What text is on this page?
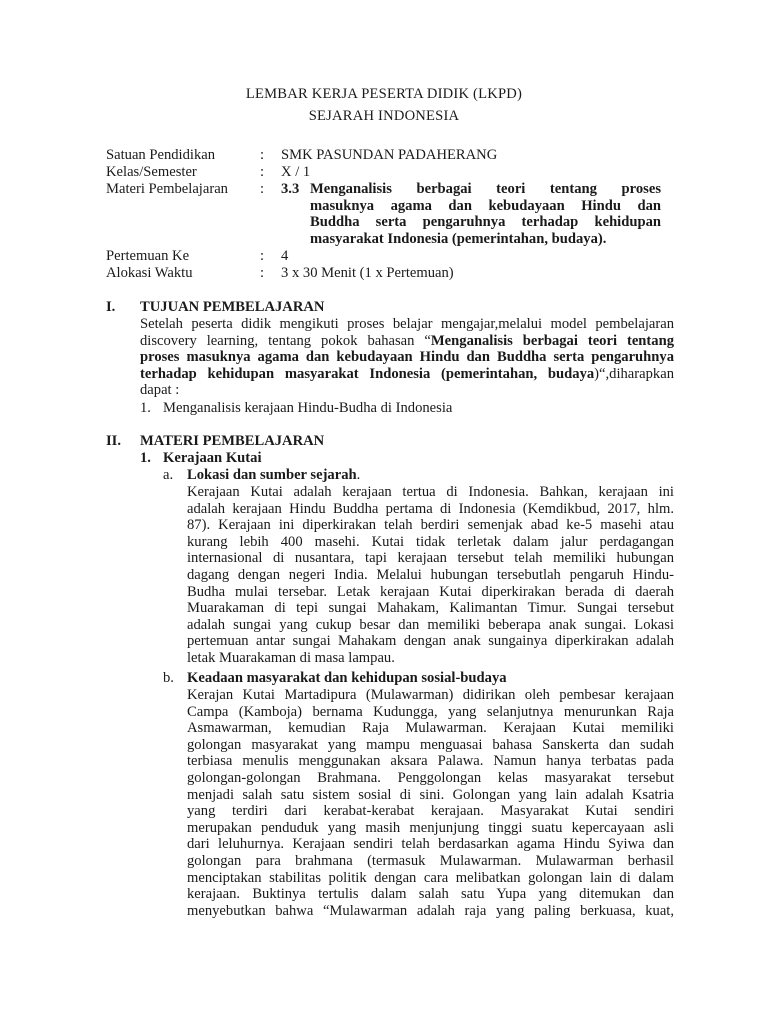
LEMBAR KERJA PESERTA DIDIK (LKPD)
SEJARAH INDONESIA
Satuan Pendidikan	: SMK PASUNDAN PADAHERANG
Kelas/Semester	: X / 1
Materi Pembelajaran : 3.3 Menganalisis berbagai teori tentang proses
masuknya agama dan kebudayaan Hindu dan
Buddha serta pengaruhnya terhadap kehidupan
masyarakat Indonesia (pemerintahan, budaya).
Pertemuan Ke	: 4
Alokasi Waktu	: 3 x 30 Menit (1 x Pertemuan)
I. TUJUAN PEMBELAJARAN
Setelah peserta didik mengikuti proses belajar mengajar,melalui model pembelajaran
discovery learning, tentang pokok bahasan “Menganalisis berbagai teori tentang
proses masuknya agama dan kebudayaan Hindu dan Buddha serta pengaruhnya
terhadap kehidupan masyarakat Indonesia (pemerintahan, budaya)“,diharapkan
dapat :
1. Menganalisis kerajaan Hindu-Budha di Indonesia
II. MATERI PEMBELAJARAN
1. Kerajaan Kutai
a. Lokasi dan sumber sejarah.
Kerajaan Kutai adalah kerajaan tertua di Indonesia. Bahkan, kerajaan ini
adalah kerajaan Hindu Buddha pertama di Indonesia (Kemdikbud, 2017, hlm.
87). Kerajaan ini diperkirakan telah berdiri semenjak abad ke-5 masehi atau
kurang lebih 400 masehi. Kutai tidak terletak dalam jalur perdagangan
internasional di nusantara, tapi kerajaan tersebut telah memiliki hubungan
dagang dengan negeri India. Melalui hubungan tersebutlah pengaruh Hindu-
Budha mulai tersebar. Letak kerajaan Kutai diperkirakan berada di daerah
Muarakaman di tepi sungai Mahakam, Kalimantan Timur. Sungai tersebut
adalah sungai yang cukup besar dan memiliki beberapa anak sungai. Lokasi
pertemuan antar sungai Mahakam dengan anak sungainya diperkirakan adalah
letak Muarakaman di masa lampau.
b. Keadaan masyarakat dan kehidupan sosial-budaya
Kerajan Kutai Martadipura (Mulawarman) didirikan oleh pembesar kerajaan
Campa (Kamboja) bernama Kudungga, yang selanjutnya menurunkan Raja
Asmawarman, kemudian Raja Mulawarman. Kerajaan Kutai memiliki
golongan masyarakat yang mampu menguasai bahasa Sanskerta dan sudah
terbiasa menulis menggunakan aksara Palawa. Namun hanya terbatas pada
golongan-golongan Brahmana. Penggolongan kelas masyarakat tersebut
menjadi salah satu sistem sosial di sini. Golongan yang lain adalah Ksatria
yang terdiri dari kerabat-kerabat kerajaan. Masyarakat Kutai sendiri
merupakan penduduk yang masih menjunjung tinggi suatu kepercayaan asli
dari leluhurnya. Kerajaan sendiri telah berdasarkan agama Hindu Syiwa dan
golongan para brahmana (termasuk Mulawarman. Mulawarman berhasil
menciptakan stabilitas politik dengan cara melibatkan golongan lain di dalam
kerajaan. Buktinya tertulis dalam salah satu Yupa yang ditemukan dan
menyebutkan bahwa “Mulawarman adalah raja yang paling berkuasa, kuat,
